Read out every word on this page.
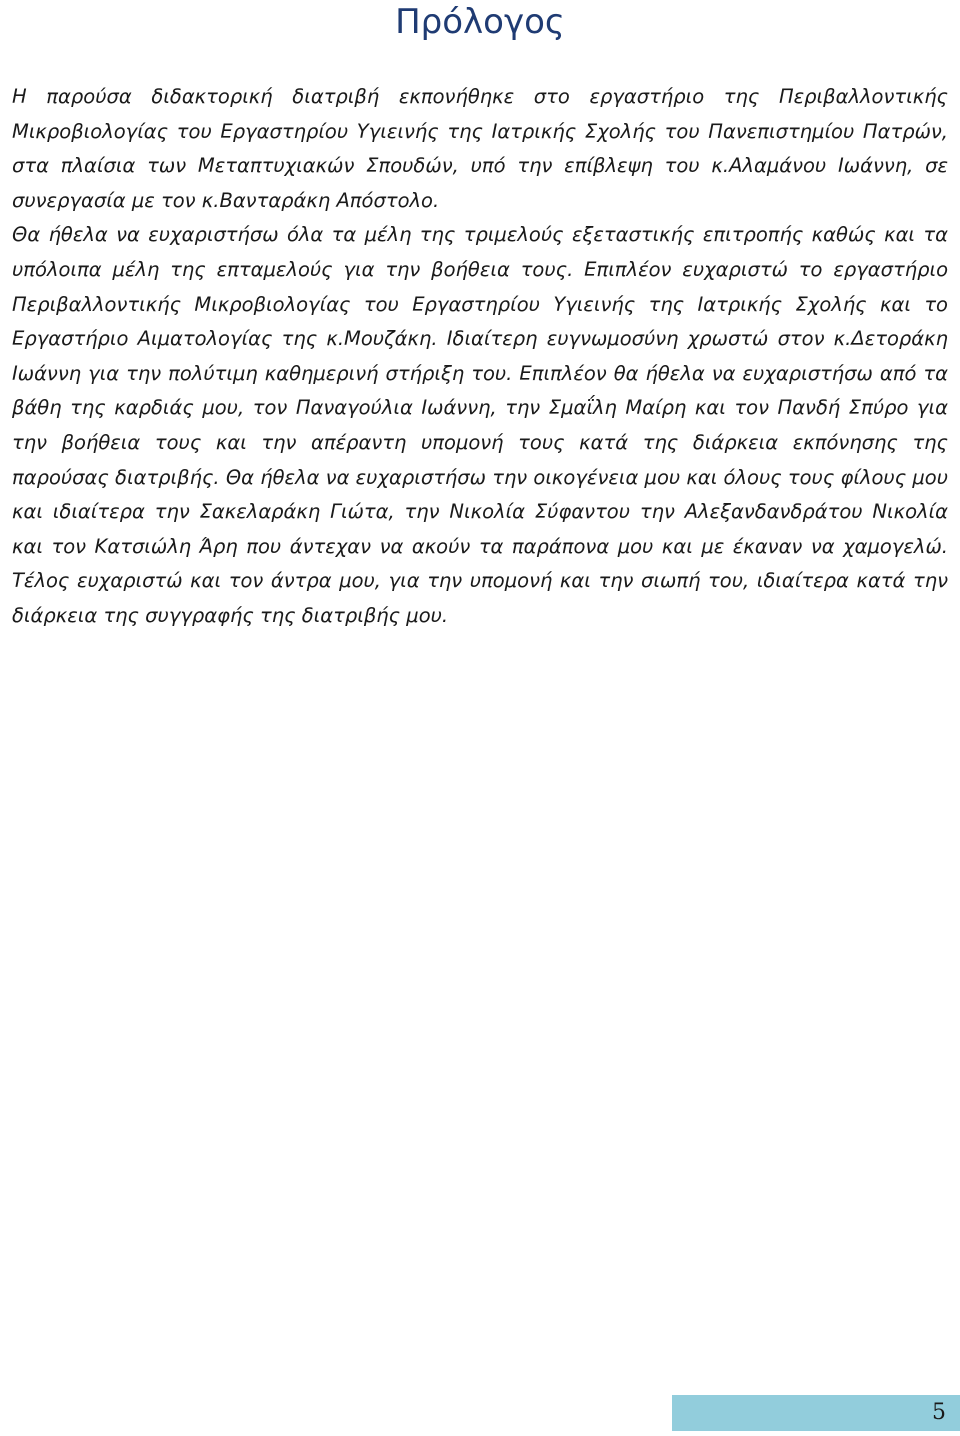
Πρόλογος

Η παρούσα διδακτορική διατριβή εκπονήθηκε στο εργαστήριο της Περιβαλλοντικής Μικροβιολογίας του Εργαστηρίου Υγιεινής της Ιατρικής Σχολής του Πανεπιστημίου Πατρών, στα πλαίσια των Μεταπτυχιακών Σπουδών, υπό την επίβλεψη του κ.Αλαμάνου Ιωάννη, σε συνεργασία με τον κ.Βανταράκη Απόστολο.

Θα ήθελα να ευχαριστήσω όλα τα μέλη της τριμελούς εξεταστικής επιτροπής καθώς και τα υπόλοιπα μέλη της επταμελούς για την βοήθεια τους. Επιπλέον ευχαριστώ το εργαστήριο Περιβαλλοντικής Μικροβιολογίας του Εργαστηρίου Υγιεινής της Ιατρικής Σχολής και το Εργαστήριο Αιματολογίας της κ.Μουζάκη. Ιδιαίτερη ευγνωμοσύνη χρωστώ στον κ.Δετοράκη Ιωάννη για την πολύτιμη καθημερινή στήριξη του. Επιπλέον θα ήθελα να ευχαριστήσω από τα βάθη της καρδιάς μου, τον Παναγούλια Ιωάννη, την Σμαΐλη Μαίρη και τον Πανδή Σπύρο για την βοήθεια τους και την απέραντη υπομονή τους κατά της διάρκεια εκπόνησης της παρούσας διατριβής. Θα ήθελα να ευχαριστήσω την οικογένεια μου και όλους τους φίλους μου και ιδιαίτερα την Σακελαράκη Γιώτα, την Νικολία Σύφαντου την Αλεξανδανδράτου Νικολία και τον Κατσιώλη Άρη που άντεχαν να ακούν τα παράπονα μου και με έκαναν να χαμογελώ. Τέλος ευχαριστώ και τον άντρα μου, για την υπομονή και την σιωπή του, ιδιαίτερα κατά την διάρκεια της συγγραφής της διατριβής μου.

5
